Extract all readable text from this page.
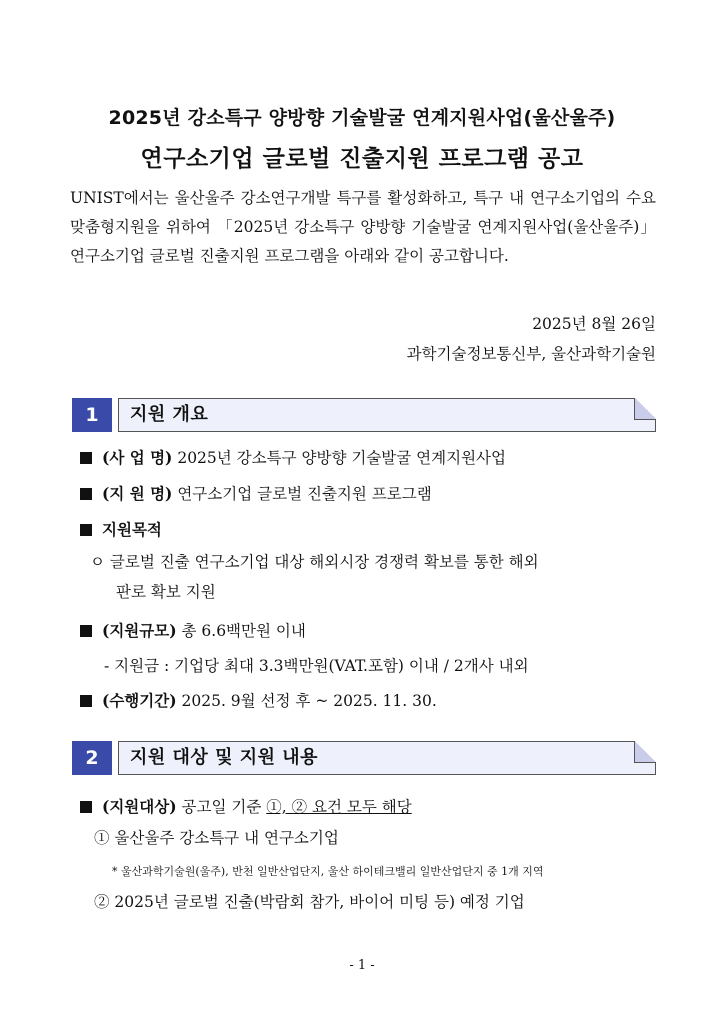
2025년 강소특구 양방향 기술발굴 연계지원사업(울산울주)
연구소기업 글로벌 진출지원 프로그램 공고
UNIST에서는 울산울주 강소연구개발 특구를 활성화하고, 특구 내 연구소기업의 수요맞춤형지원을 위하여 「2025년 강소특구 양방향 기술발굴 연계지원사업(울산울주)」 연구소기업 글로벌 진출지원 프로그램을 아래와 같이 공고합니다.
2025년 8월 26일
과학기술정보통신부, 울산과학기술원
1	지원 개요
(사 업 명) 2025년 강소특구 양방향 기술발굴 연계지원사업
(지 원 명) 연구소기업 글로벌 진출지원 프로그램
지원목적
ㅇ 글로벌 진출 연구소기업 대상 해외시장 경쟁력 확보를 통한 해외
판로 확보 지원
(지원규모) 총 6.6백만원 이내
- 지원금 : 기업당 최대 3.3백만원(VAT.포함) 이내 / 2개사 내외
(수행기간) 2025. 9월 선정 후 ~ 2025. 11. 30.
2	지원 대상 및 지원 내용
(지원대상) 공고일 기준 ①, ② 요건 모두 해당
① 울산울주 강소특구 내 연구소기업
* 울산과학기술원(울주), 반천 일반산업단지, 울산 하이테크밸리 일반산업단지 중 1개 지역
② 2025년 글로벌 진출(박람회 참가, 바이어 미팅 등) 예정 기업
- 1 -
